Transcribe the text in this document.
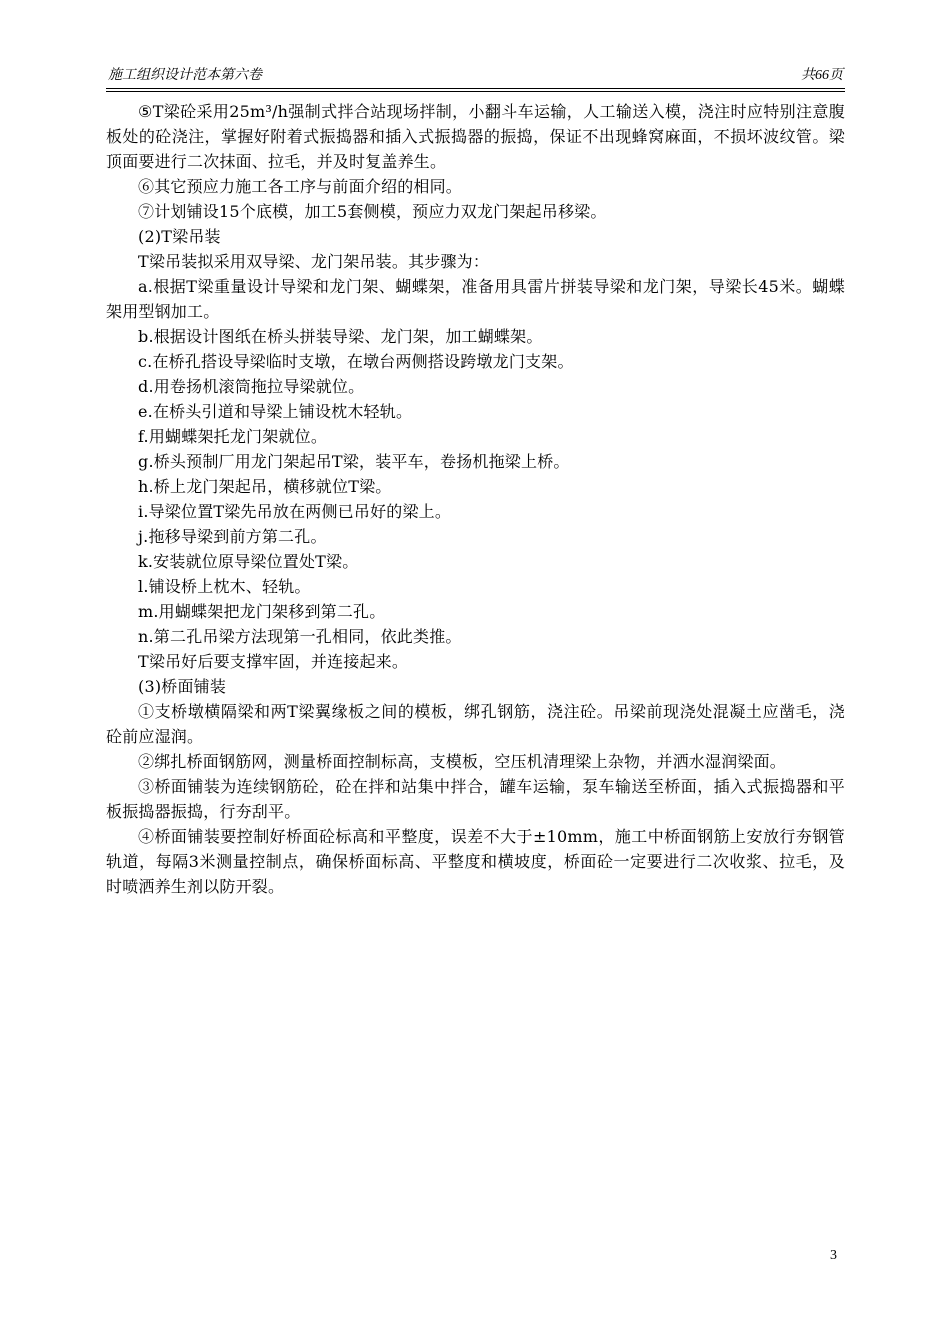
施工组织设计范本第六卷	共66页

⑤T梁砼采用25m³/h强制式拌合站现场拌制，小翻斗车运输，人工输送入模，浇注时应特别注意腹板处的砼浇注，掌握好附着式振捣器和插入式振捣器的振捣，保证不出现蜂窝麻面，不损坏波纹管。梁顶面要进行二次抹面、拉毛，并及时复盖养生。

⑥其它预应力施工各工序与前面介绍的相同。

⑦计划铺设15个底模，加工5套侧模，预应力双龙门架起吊移梁。

(2)T梁吊装

T梁吊装拟采用双导梁、龙门架吊装。其步骤为：

a.根据T梁重量设计导梁和龙门架、蝴蝶架，准备用具雷片拼装导梁和龙门架，导梁长45米。蝴蝶架用型钢加工。

b.根据设计图纸在桥头拼装导梁、龙门架，加工蝴蝶架。

c.在桥孔搭设导梁临时支墩，在墩台两侧搭设跨墩龙门支架。

d.用卷扬机滚筒拖拉导梁就位。

e.在桥头引道和导梁上铺设枕木轻轨。

f.用蝴蝶架托龙门架就位。

g.桥头预制厂用龙门架起吊T梁，装平车，卷扬机拖梁上桥。

h.桥上龙门架起吊，横移就位T梁。

i.导梁位置T梁先吊放在两侧已吊好的梁上。

j.拖移导梁到前方第二孔。

k.安装就位原导梁位置处T梁。

l.铺设桥上枕木、轻轨。

m.用蝴蝶架把龙门架移到第二孔。

n.第二孔吊梁方法现第一孔相同，依此类推。

T梁吊好后要支撑牢固，并连接起来。

(3)桥面铺装

①支桥墩横隔梁和两T梁翼缘板之间的模板，绑孔钢筋，浇注砼。吊梁前现浇处混凝土应凿毛，浇砼前应湿润。

②绑扎桥面钢筋网，测量桥面控制标高，支模板，空压机清理梁上杂物，并洒水湿润梁面。

③桥面铺装为连续钢筋砼，砼在拌和站集中拌合，罐车运输，泵车输送至桥面，插入式振捣器和平板振捣器振捣，行夯刮平。

④桥面铺装要控制好桥面砼标高和平整度，误差不大于±10mm，施工中桥面钢筋上安放行夯钢管轨道，每隔3米测量控制点，确保桥面标高、平整度和横坡度，桥面砼一定要进行二次收浆、拉毛，及时喷洒养生剂以防开裂。

3
